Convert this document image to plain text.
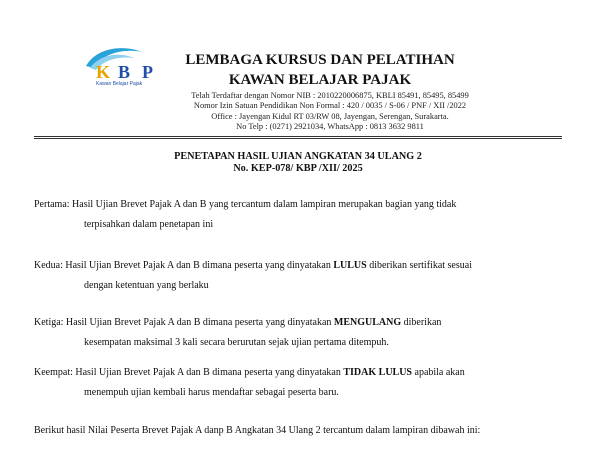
K B P
Kawan Belajar Pajak
LEMBAGA KURSUS DAN PELATIHAN
KAWAN BELAJAR PAJAK
Telah Terdaftar dengan Nomor NIB : 2010220006875, KBLI 85491, 85495, 85499
Nomor Izin Satuan Pendidikan Non Formal : 420 / 0035 / S-06 / PNF / XII /2022
Office : Jayengan Kidul RT 03/RW 08, Jayengan, Serengan, Surakarta.
No Telp : (0271) 2921034, WhatsApp : 0813 3632 9811
PENETAPAN HASIL UJIAN ANGKATAN 34 ULANG 2
No. KEP-078/ KBP /XII/ 2025
Pertama: Hasil Ujian Brevet Pajak A dan B yang tercantum dalam lampiran merupakan bagian yang tidak
terpisahkan dalam penetapan ini
Kedua: Hasil Ujian Brevet Pajak A dan B dimana peserta yang dinyatakan LULUS diberikan sertifikat sesuai
dengan ketentuan yang berlaku
Ketiga: Hasil Ujian Brevet Pajak A dan B dimana peserta yang dinyatakan MENGULANG diberikan
kesempatan maksimal 3 kali secara berurutan sejak ujian pertama ditempuh.
Keempat: Hasil Ujian Brevet Pajak A dan B dimana peserta yang dinyatakan TIDAK LULUS apabila akan
menempuh ujian kembali harus mendaftar sebagai peserta baru.
Berikut hasil Nilai Peserta Brevet Pajak A danp B Angkatan 34 Ulang 2 tercantum dalam lampiran dibawah ini:
